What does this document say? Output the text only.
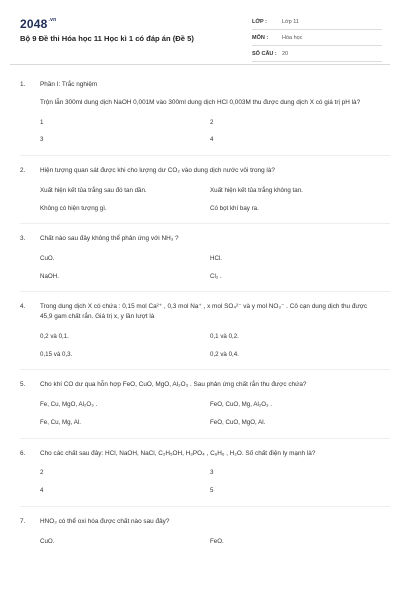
$2048^{.vn}$
Bộ 9 Đề thi Hóa học 11 Học kì 1 có đáp án (Đề 5)
LỚP :	Lớp 11
MÔN :	Hóa học
SỐ CÂU : 20
1. Phần I: Trắc nghiệm
Trộn lẫn 300ml dung dịch NaOH 0,001M vào 300ml dung dịch HCl 0,003M thu được dung dịch X có giá trị pH là?
1	2
3	4
2. Hiện tượng quan sát được khi cho lượng dư CO₂ vào dung dịch nước vôi trong là?
Xuất hiện kết tủa trắng sau đó tan dần.	Xuất hiện kết tủa trắng không tan.
Không có hiện tượng gì.	Có bọt khí bay ra.
3. Chất nào sau đây không thể phản ứng với NH₃ ?
CuO.	HCl.
NaOH.	Cl₂ .
4. Trong dung dịch X có chứa : 0,15 mol Ca²⁺ , 0,3 mol Na⁺ , x mol SO₄²⁻ và y mol NO₃⁻ . Cô cạn dung dịch thu được 45,9 gam chất rắn. Giá trị x, y lần lượt là
0,2 và 0,1.	0,1 và 0,2.
0,15 và 0,3.	0,2 và 0,4.
5. Cho khí CO dư qua hỗn hợp FeO, CuO, MgO, Al₂O₃ . Sau phản ứng chất rắn thu được chứa?
Fe, Cu, MgO, Al₂O₃ .	FeO, CuO, Mg, Al₂O₃ .
Fe, Cu, Mg, Al.	FeO, CuO, MgO, Al.
6. Cho các chất sau đây: HCl, NaOH, NaCl, C₂H₅OH, H₃PO₄ , C₆H₆ , H₂O. Số chất điện ly mạnh là?
2	3
4	5
7. HNO₃ có thể oxi hóa được chất nào sau đây?
CuO.	FeO.
